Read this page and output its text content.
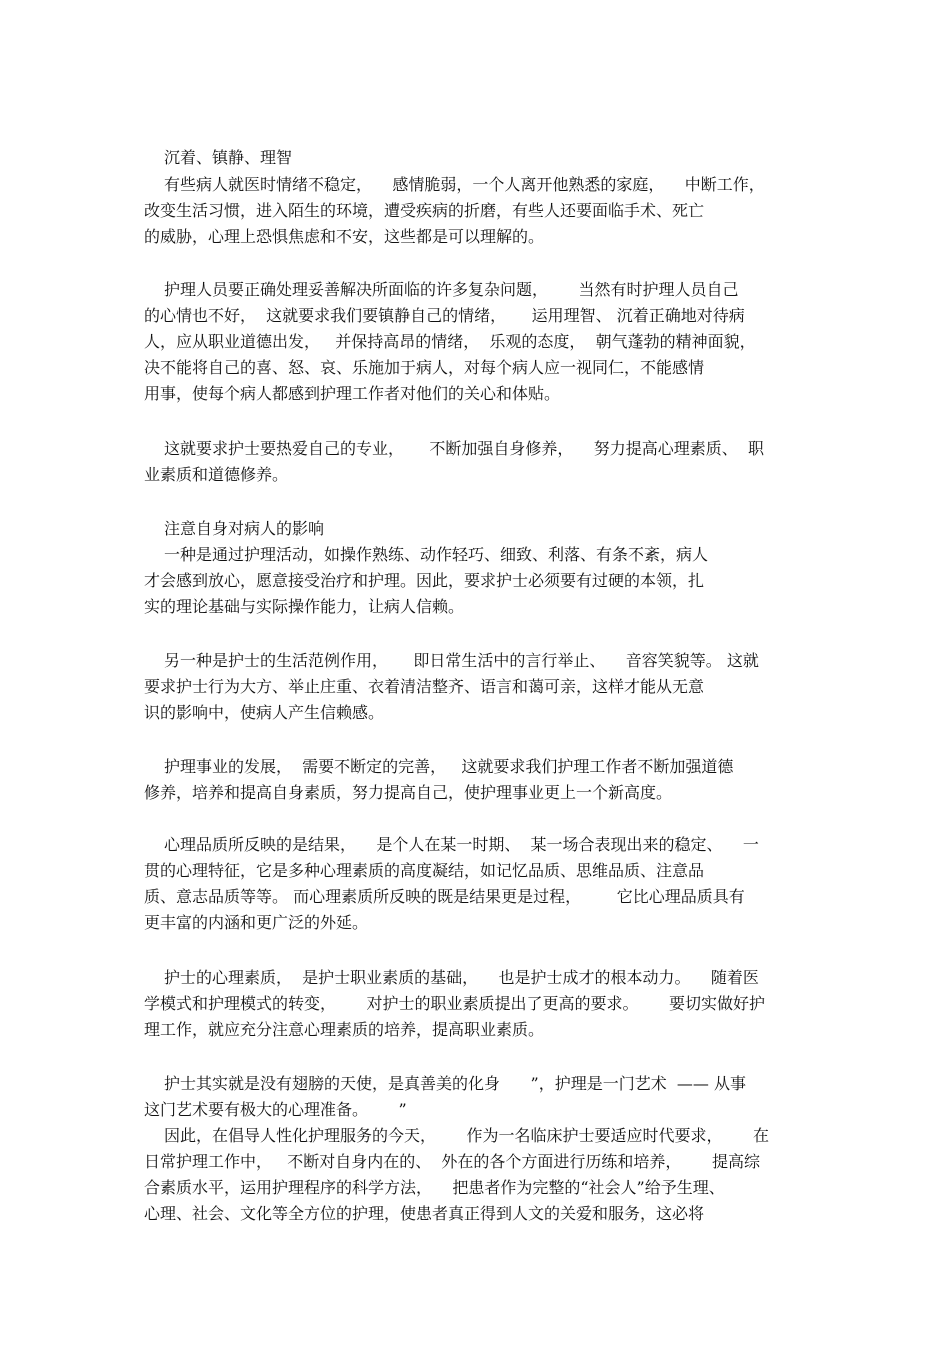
沉着、镇静、理智
有些病人就医时情绪不稳定，    感情脆弱，一个人离开他熟悉的家庭，    中断工作，
改变生活习惯，进入陌生的环境，遭受疾病的折磨，有些人还要面临手术、死亡
的威胁，心理上恐惧焦虑和不安，这些都是可以理解的。
护理人员要正确处理妥善解决所面临的许多复杂问题，      当然有时护理人员自己
的心情也不好，  这就要求我们要镇静自己的情绪，     运用理智、 沉着正确地对待病
人，应从职业道德出发，   并保持高昂的情绪，  乐观的态度，  朝气蓬勃的精神面貌，
决不能将自己的喜、怒、哀、乐施加于病人，对每个病人应一视同仁，不能感情
用事，使每个病人都感到护理工作者对他们的关心和体贴。
这就要求护士要热爱自己的专业，     不断加强自身修养，    努力提高心理素质、  职
业素质和道德修养。
注意自身对病人的影响
一种是通过护理活动，如操作熟练、动作轻巧、细致、利落、有条不紊，病人
才会感到放心，愿意接受治疗和护理。因此，要求护士必须要有过硬的本领，扎
实的理论基础与实际操作能力，让病人信赖。
另一种是护士的生活范例作用，     即日常生活中的言行举止、    音容笑貌等。 这就
要求护士行为大方、举止庄重、衣着清洁整齐、语言和蔼可亲，这样才能从无意
识的影响中，使病人产生信赖感。
护理事业的发展，  需要不断定的完善，   这就要求我们护理工作者不断加强道德
修养，培养和提高自身素质，努力提高自己，使护理事业更上一个新高度。
心理品质所反映的是结果，    是个人在某一时期、  某一场合表现出来的稳定、    一
贯的心理特征，它是多种心理素质的高度凝结，如记忆品质、思维品质、注意品
质、意志品质等等。 而心理素质所反映的既是结果更是过程，       它比心理品质具有
更丰富的内涵和更广泛的外延。
护士的心理素质，  是护士职业素质的基础，    也是护士成才的根本动力。    随着医
学模式和护理模式的转变，      对护士的职业素质提出了更高的要求。      要切实做好护
理工作，就应充分注意心理素质的培养，提高职业素质。
护士其实就是没有翅膀的天使，是真善美的化身      ”，护理是一门艺术  —— 从事
这门艺术要有极大的心理准备。      ”
因此，在倡导人性化护理服务的今天，      作为一名临床护士要适应时代要求，      在
日常护理工作中，   不断对自身内在的、  外在的各个方面进行历练和培养，      提高综
合素质水平，运用护理程序的科学方法，    把患者作为完整的“社会人”给予生理、
心理、社会、文化等全方位的护理，使患者真正得到人文的关爱和服务，这必将
